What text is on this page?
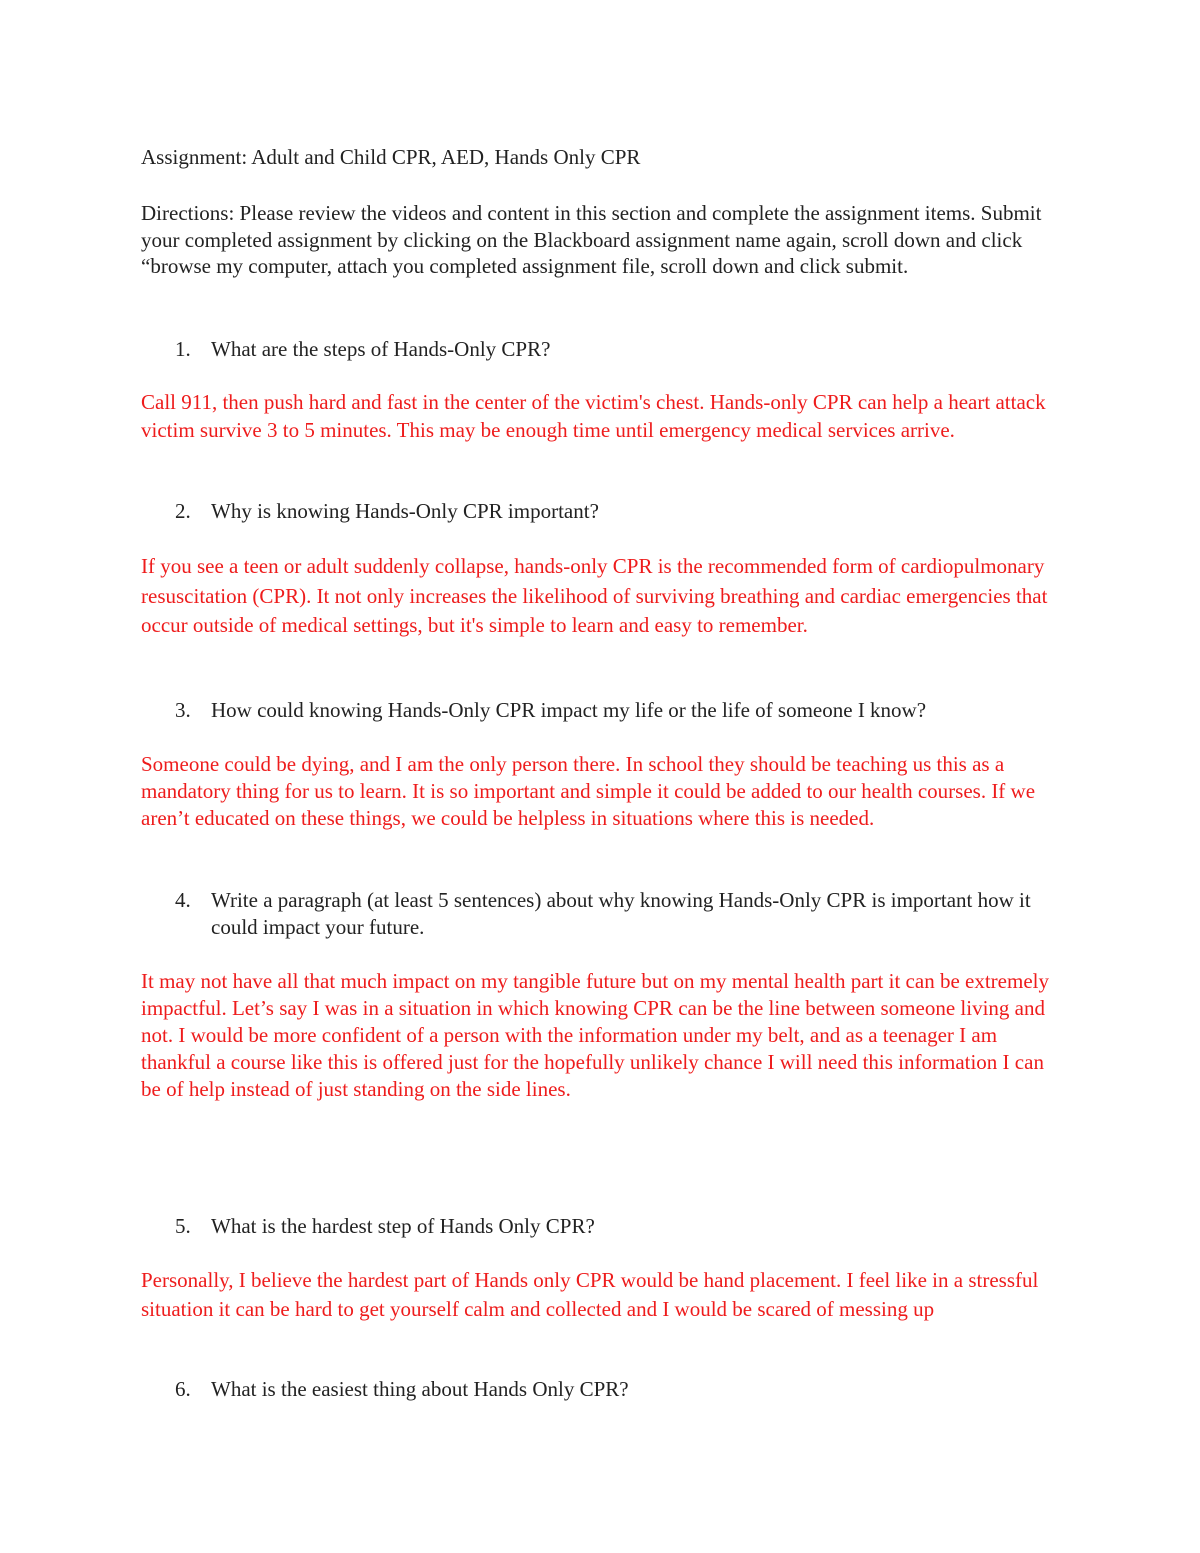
Assignment: Adult and Child CPR, AED, Hands Only CPR

Directions: Please review the videos and content in this section and complete the assignment items. Submit your completed assignment by clicking on the Blackboard assignment name again, scroll down and click “browse my computer, attach you completed assignment file, scroll down and click submit.

1. What are the steps of Hands-Only CPR?

Call 911, then push hard and fast in the center of the victim's chest. Hands-only CPR can help a heart attack victim survive 3 to 5 minutes. This may be enough time until emergency medical services arrive.

2. Why is knowing Hands-Only CPR important?

If you see a teen or adult suddenly collapse, hands-only CPR is the recommended form of cardiopulmonary resuscitation (CPR). It not only increases the likelihood of surviving breathing and cardiac emergencies that occur outside of medical settings, but it's simple to learn and easy to remember.

3. How could knowing Hands-Only CPR impact my life or the life of someone I know?

Someone could be dying, and I am the only person there. In school they should be teaching us this as a mandatory thing for us to learn. It is so important and simple it could be added to our health courses. If we aren’t educated on these things, we could be helpless in situations where this is needed.

4. Write a paragraph (at least 5 sentences) about why knowing Hands-Only CPR is important how it could impact your future.

It may not have all that much impact on my tangible future but on my mental health part it can be extremely impactful. Let’s say I was in a situation in which knowing CPR can be the line between someone living and not. I would be more confident of a person with the information under my belt, and as a teenager I am thankful a course like this is offered just for the hopefully unlikely chance I will need this information I can be of help instead of just standing on the side lines.

5. What is the hardest step of Hands Only CPR?

Personally, I believe the hardest part of Hands only CPR would be hand placement. I feel like in a stressful situation it can be hard to get yourself calm and collected and I would be scared of messing up

6. What is the easiest thing about Hands Only CPR?
